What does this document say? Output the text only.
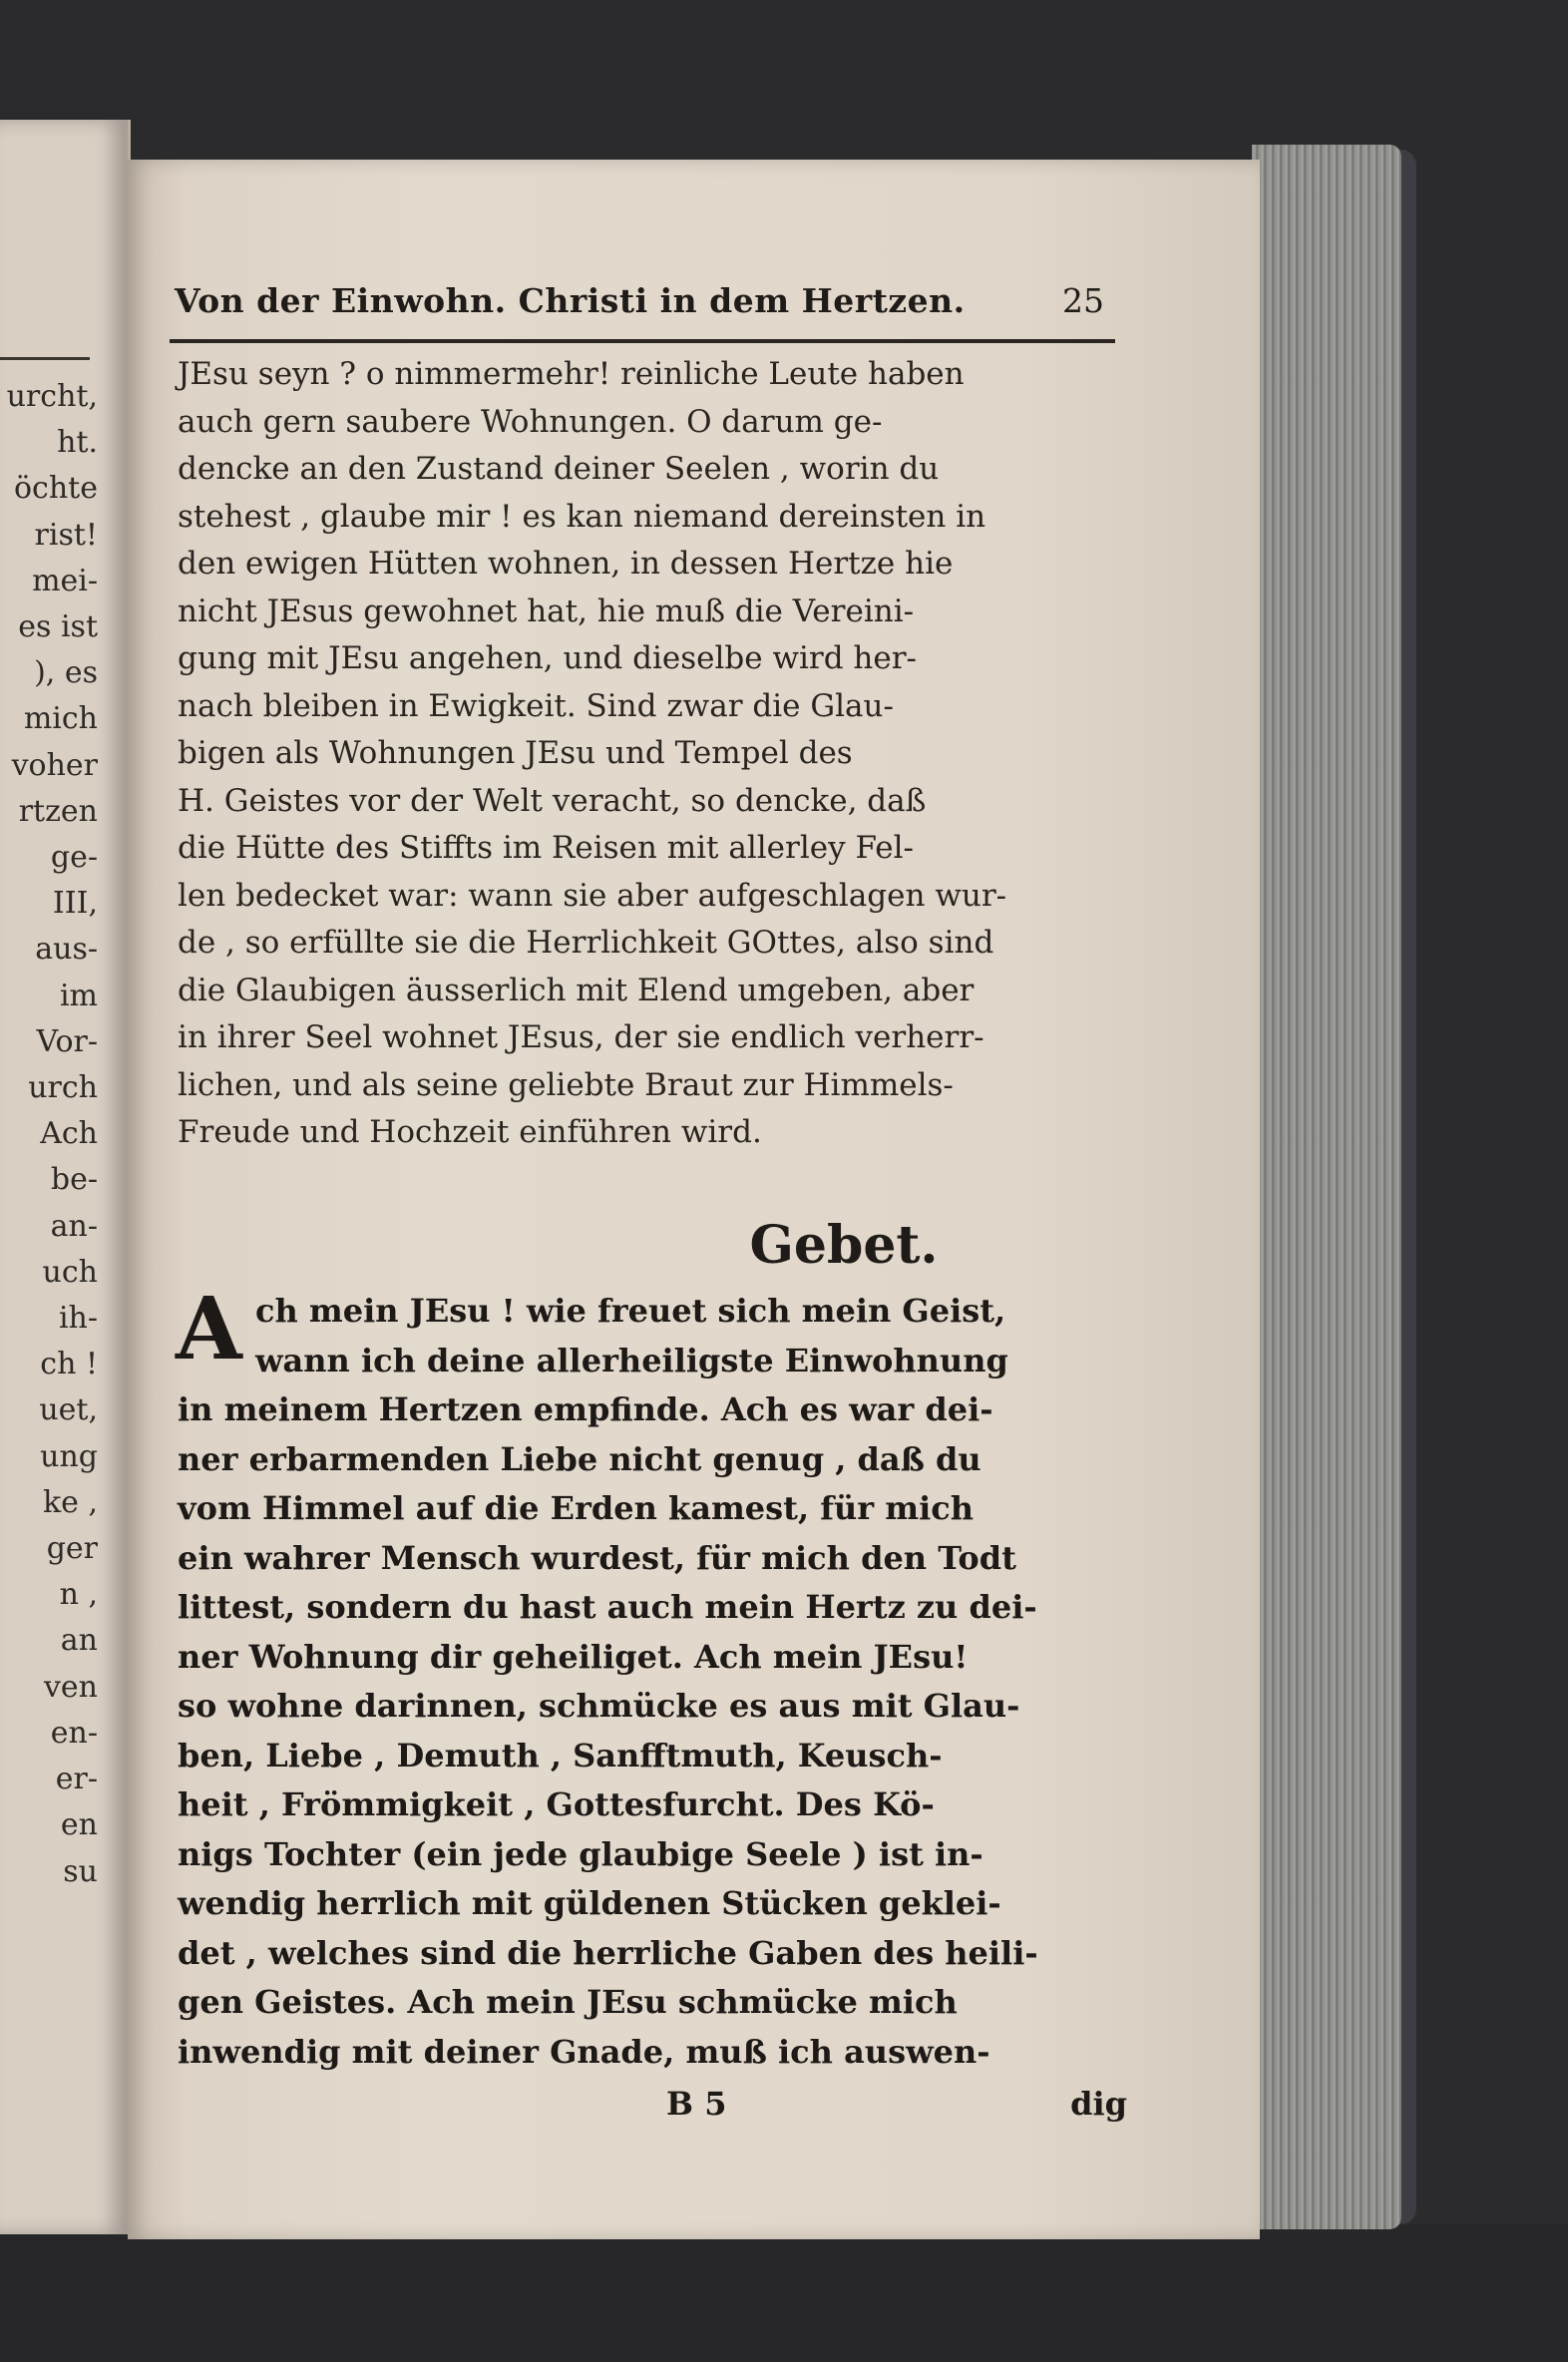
urcht,
ht.
öchte
rist!
mei-
es ist
), es
mich
voher
rtzen
ge-
III,
aus-
im
Vor-
urch
Ach
be-
an-
uch
ih-
ch !
uet,
ung
ke ,
ger
n ,
an
ven
en-
er-
en
su
Von der Einwohn. Christi in dem Hertzen.	25
JEsu seyn ? o nimmermehr! reinliche Leute haben
auch gern saubere Wohnungen. O darum ge-
dencke an den Zustand deiner Seelen , worin du
stehest , glaube mir ! es kan niemand dereinsten in
den ewigen Hütten wohnen, in dessen Hertze hie
nicht JEsus gewohnet hat, hie muß die Vereini-
gung mit JEsu angehen, und dieselbe wird her-
nach bleiben in Ewigkeit. Sind zwar die Glau-
bigen als Wohnungen JEsu und Tempel des
H. Geistes vor der Welt veracht, so dencke, daß
die Hütte des Stiffts im Reisen mit allerley Fel-
len bedecket war: wann sie aber aufgeschlagen wur-
de , so erfüllte sie die Herrlichkeit GOttes, also sind
die Glaubigen äusserlich mit Elend umgeben, aber
in ihrer Seel wohnet JEsus, der sie endlich verherr-
lichen, und als seine geliebte Braut zur Himmels-
Freude und Hochzeit einführen wird.
Gebet.
A ch mein JEsu ! wie freuet sich mein Geist,
wann ich deine allerheiligste Einwohnung
in meinem Hertzen empfinde. Ach es war dei-
ner erbarmenden Liebe nicht genug , daß du
vom Himmel auf die Erden kamest, für mich
ein wahrer Mensch wurdest, für mich den Todt
littest, sondern du hast auch mein Hertz zu dei-
ner Wohnung dir geheiliget. Ach mein JEsu!
so wohne darinnen, schmücke es aus mit Glau-
ben, Liebe , Demuth , Sanfftmuth, Keusch-
heit , Frömmigkeit , Gottesfurcht. Des Kö-
nigs Tochter (ein jede glaubige Seele ) ist in-
wendig herrlich mit güldenen Stücken geklei-
det , welches sind die herrliche Gaben des heili-
gen Geistes. Ach mein JEsu schmücke mich
inwendig mit deiner Gnade, muß ich auswen-
B 5	dig
